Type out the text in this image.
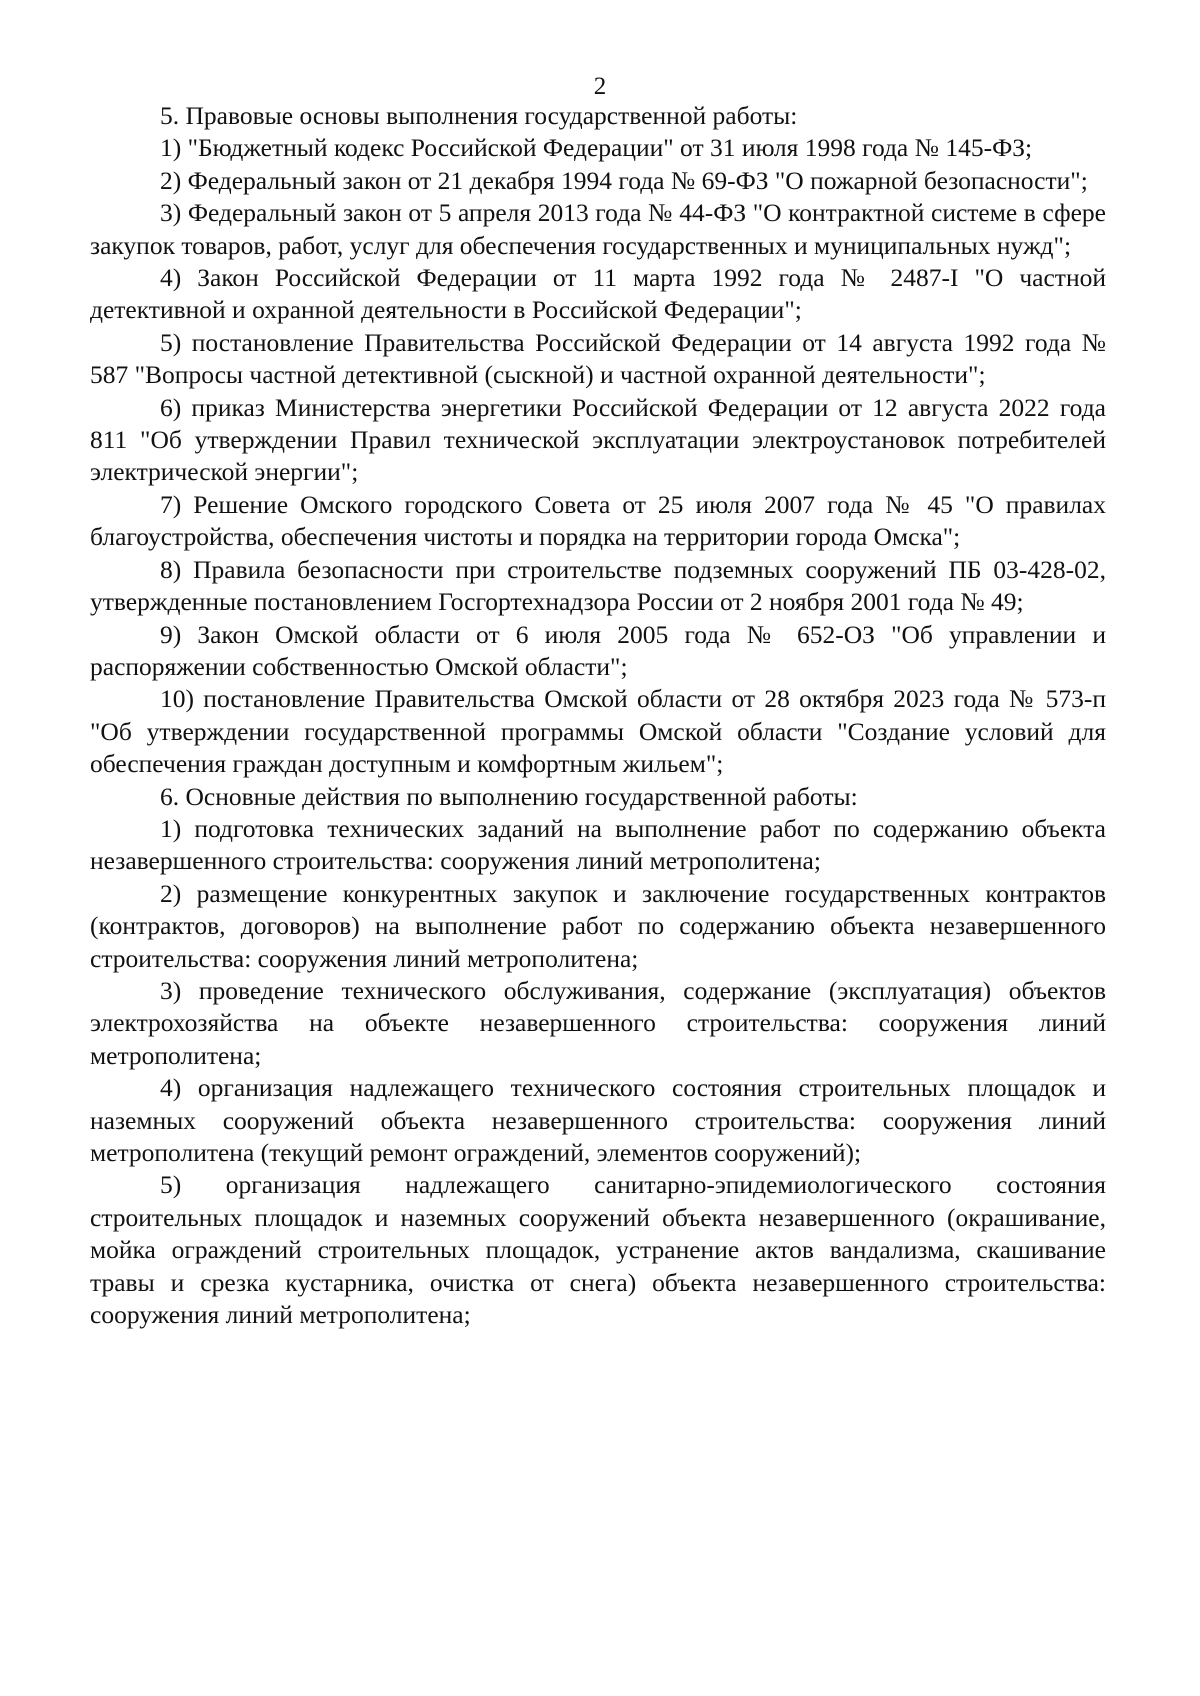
2

5. Правовые основы выполнения государственной работы:

1) "Бюджетный кодекс Российской Федерации" от 31 июля 1998 года № 145-ФЗ;

2) Федеральный закон от 21 декабря 1994 года № 69-ФЗ "О пожарной безопасности";

3) Федеральный закон от 5 апреля 2013 года № 44-ФЗ "О контрактной системе в сфере закупок товаров, работ, услуг для обеспечения государственных и муниципальных нужд";

4) Закон Российской Федерации от 11 марта 1992 года № 2487-I "О частной детективной и охранной деятельности в Российской Федерации";

5) постановление Правительства Российской Федерации от 14 августа 1992 года № 587 "Вопросы частной детективной (сыскной) и частной охранной деятельности";

6) приказ Министерства энергетики Российской Федерации от 12 августа 2022 года 811 "Об утверждении Правил технической эксплуатации электроустановок потребителей электрической энергии";

7) Решение Омского городского Совета от 25 июля 2007 года № 45 "О правилах благоустройства, обеспечения чистоты и порядка на территории города Омска";

8) Правила безопасности при строительстве подземных сооружений ПБ 03-428-02, утвержденные постановлением Госгортехнадзора России от 2 ноября 2001 года № 49;

9) Закон Омской области от 6 июля 2005 года № 652-ОЗ "Об управлении и распоряжении собственностью Омской области";

10) постановление Правительства Омской области от 28 октября 2023 года № 573-п "Об утверждении государственной программы Омской области "Создание условий для обеспечения граждан доступным и комфортным жильем";

6. Основные действия по выполнению государственной работы:

1) подготовка технических заданий на выполнение работ по содержанию объекта незавершенного строительства: сооружения линий метрополитена;

2) размещение конкурентных закупок и заключение государственных контрактов (контрактов, договоров) на выполнение работ по содержанию объекта незавершенного строительства: сооружения линий метрополитена;

3) проведение технического обслуживания, содержание (эксплуатация) объектов электрохозяйства на объекте незавершенного строительства: сооружения линий метрополитена;

4) организация надлежащего технического состояния строительных площадок и наземных сооружений объекта незавершенного строительства: сооружения линий метрополитена (текущий ремонт ограждений, элементов сооружений);

5) организация надлежащего санитарно-эпидемиологического состояния строительных площадок и наземных сооружений объекта незавершенного (окрашивание, мойка ограждений строительных площадок, устранение актов вандализма, скашивание травы и срезка кустарника, очистка от снега) объекта незавершенного строительства: сооружения линий метрополитена;
